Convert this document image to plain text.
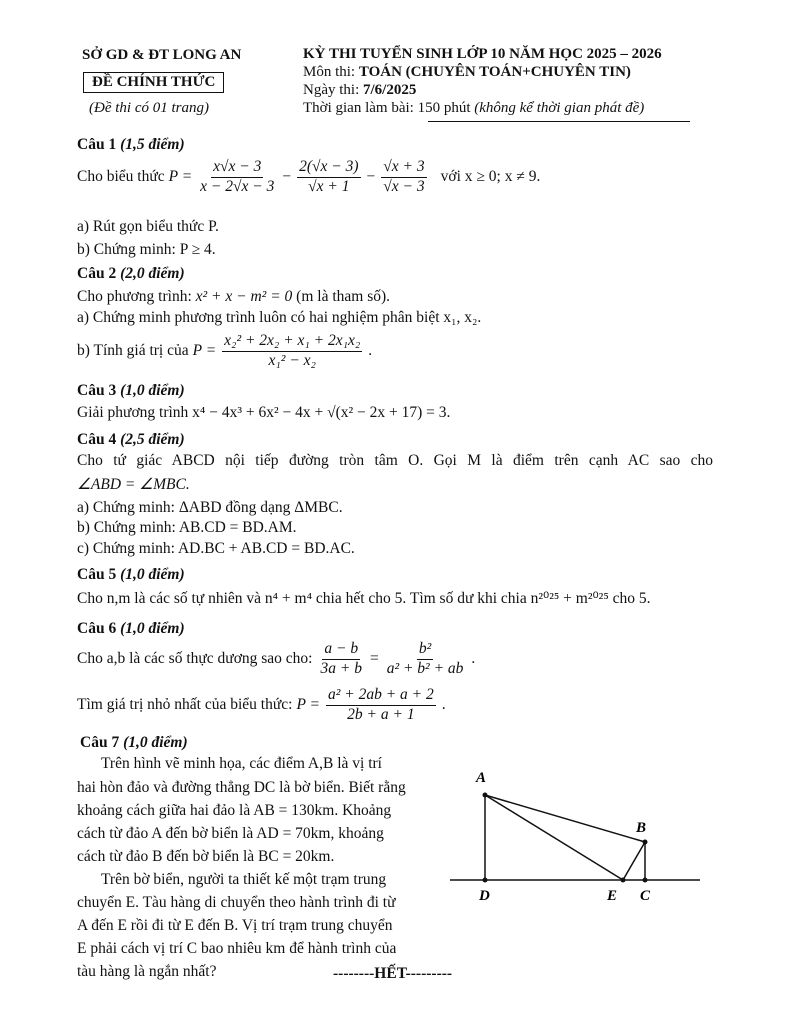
SỞ GD & ĐT LONG AN
ĐỀ CHÍNH THỨC
(Đề thi có 01 trang)
KỲ THI TUYỂN SINH LỚP 10 NĂM HỌC 2025 – 2026
Môn thi: TOÁN (CHUYÊN TOÁN+CHUYÊN TIN)
Ngày thi: 7/6/2025
Thời gian làm bài: 150 phút (không kể thời gian phát đề)
Câu 1 (1,5 điểm)
Cho biểu thức $P = \frac{x√x - 3}{x - 2√x - 3} - \frac{2(√x - 3)}{√x + 1} - \frac{√x + 3}{√x - 3}$ với x ≥ 0; x ≠ 9.
a) Rút gọn biểu thức P.
b) Chứng minh: P ≥ 4.
Câu 2 (2,0 điểm)
Cho phương trình: x² + x − m² = 0 (m là tham số).
a) Chứng minh phương trình luôn có hai nghiệm phân biệt x₁, x₂.
b) Tính giá trị của $P = \frac{\text{x₂² + 2x₂ + x₁ + 2x₁x₂}}{\text{x₁² − x₂}}$ .
Câu 3 (1,0 điểm)
Giải phương trình x⁴ − 4x³ + 6x² − 4x + √(x² − 2x + 17) = 3.
Câu 4 (2,5 điểm)
Cho tứ giác ABCD nội tiếp đường tròn tâm O. Gọi M là điểm trên cạnh AC sao cho
∠ABD = ∠MBC.
a) Chứng minh: ΔABD đồng dạng ΔMBC.
b) Chứng minh: AB.CD = BD.AM.
c) Chứng minh: AD.BC + AB.CD = BD.AC.
Câu 5 (1,0 điểm)
Cho n,m là các số tự nhiên và n⁴ + m⁴ chia hết cho 5. Tìm số dư khi chia n²⁰²⁵ + m²⁰²⁵ cho 5.
Câu 6 (1,0 điểm)
Cho a,b là các số thực dương sao cho: $\frac{a - b}{3a + b} = \frac{\text{b²}}{\text{a² + b² + ab}}$ .
Tìm giá trị nhỏ nhất của biểu thức: $P = \frac{\text{a² + 2ab + a + 2}}{2b + a + 1}$ .
Câu 7 (1,0 điểm)
Trên hình vẽ minh họa, các điểm A,B là vị trí
hai hòn đảo và đường thẳng DC là bờ biển. Biết rằng
khoảng cách giữa hai đảo là AB = 130km. Khoảng
cách từ đảo A đến bờ biển là AD = 70km, khoảng
cách từ đảo B đến bờ biển là BC = 20km.
Trên bờ biển, người ta thiết kế một trạm trung
chuyển E. Tàu hàng di chuyển theo hành trình đi từ
A đến E rồi đi từ E đến B. Vị trí trạm trung chuyển
E phải cách vị trí C bao nhiêu km để hành trình của
tàu hàng là ngắn nhất?
A
B
D	E C
--------HẾT---------
